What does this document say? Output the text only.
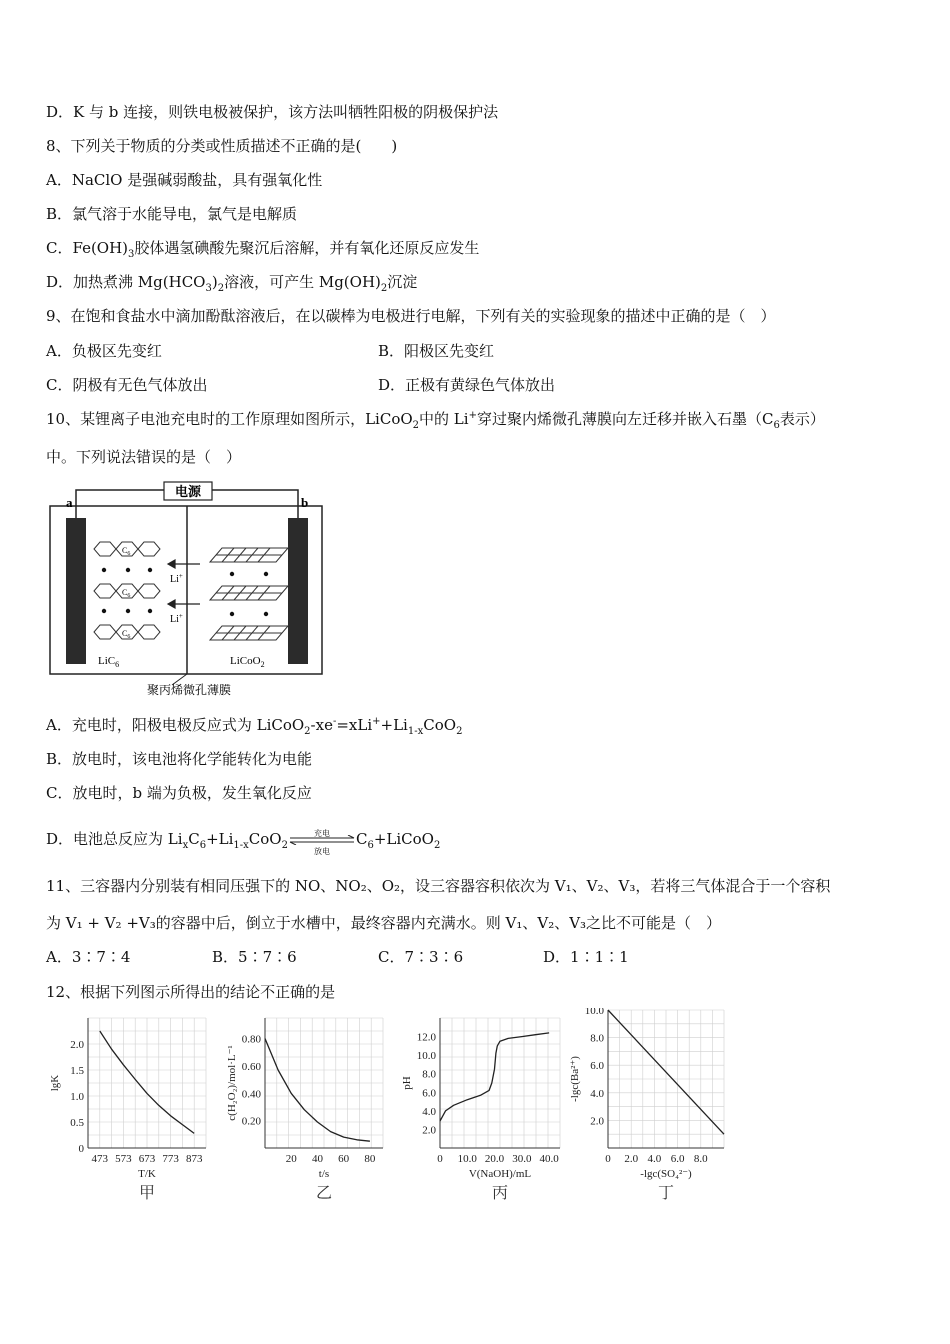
D．K 与 b 连接，则铁电极被保护，该方法叫牺牲阳极的阴极保护法
8、下列关于物质的分类或性质描述不正确的是(　　)
A．NaClO 是强碱弱酸盐，具有强氧化性
B．氯气溶于水能导电，氯气是电解质
C．$Fe(OH)_3$胶体遇氢碘酸先聚沉后溶解，并有氧化还原反应发生
D．加热煮沸 $Mg(HCO_3)_2$溶液，可产生 $Mg(OH)_2$沉淀
9、在饱和食盐水中滴加酚酞溶液后，在以碳棒为电极进行电解，下列有关的实验现象的描述中正确的是（　）
A．负极区先变红	B．阳极区先变红
C．阴极有无色气体放出	D．正极有黄绿色气体放出
10、某锂离子电池充电时的工作原理如图所示，LiCoO$_2$中的 Li+穿过聚内烯微孔薄膜向左迁移并嵌入石墨（$C_6$表示）
中。下列说法错误的是（　）
电源
a	b
聚丙烯微孔薄膜
$C_6$
$C_6$
$C_6$
Li+
Li+
LiC$_6$	LiCoO$_2$
A．充电时，阳极电极反应式为 $LiCoO_2-xe^-=xLi^++Li_{1-x}CoO_2$
B．放电时，该电池将化学能转化为电能
C．放电时，b 端为负极，发生氧化反应
D．电池总反应为 $Li_xC_6+Li_{1-x}CoO_2$
充电
放电
$C_6+LiCoO_2$
11、三容器内分别装有相同压强下的 NO、NO₂、O₂，设三容器容积依次为 V₁、V₂、V₃，若将三气体混合于一个容积
为 V₁ + V₂ +V₃的容器中后，倒立于水槽中，最终容器内充满水。则 V₁、V₂、V₃之比不可能是（　）
A．3∶7∶4	B．5∶7∶6	C．7∶3∶6	D．1∶1∶1
12、根据下列图示所得出的结论不正确的是
473 573 673 773 873
0
0.5
1.0
1.5
2.0
T/K
lgK
甲
20 40 60 80
0.20
0.40
0.60
0.80
t/s
c(H₂O₂)/mol·L⁻¹
乙
0 10.0 20.0 30.0 40.0
2.0
4.0
6.0
8.0
10.0
12.0
V(NaOH)/mL
pH
丙
0 2.0 4.0 6.0 8.0
2.0
4.0
6.0
8.0
10.0
-lgc(SO₄²⁻)
-lgc(Ba²⁺)
丁
